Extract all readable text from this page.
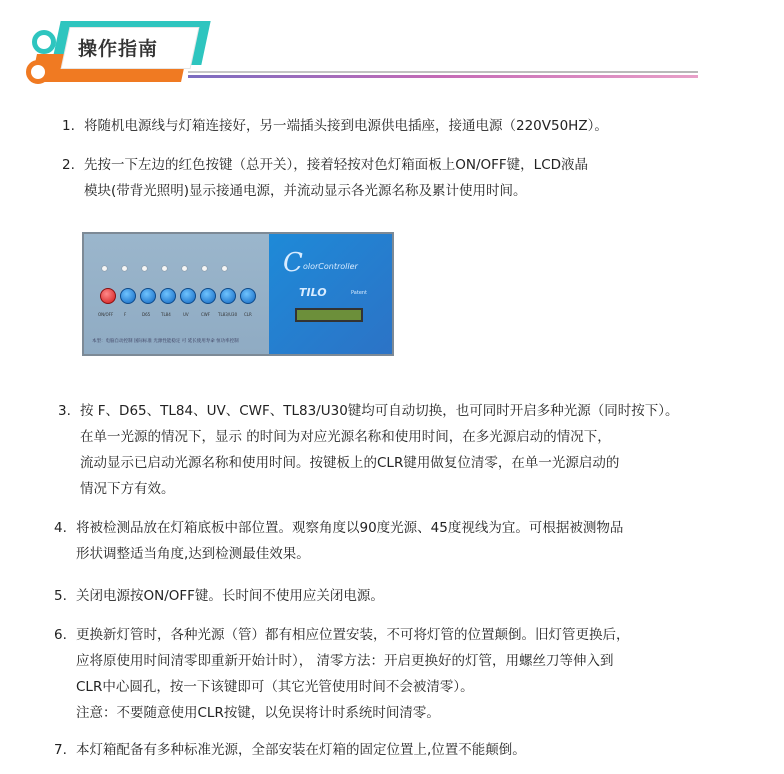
操作指南
1. 将随机电源线与灯箱连接好，另一端插头接到电源供电插座，接通电源（220V50HZ）。
2. 先按一下左边的红色按键（总开关），接着轻按对色灯箱面板上ON/OFF键，LCD液晶
模块(带背光照明)显示接通电源，并流动显示各光源名称及累计使用时间。
ON/OFF	F	D65	TL84	UV	CWF TL83/U30 CLR
本型：电脑自动控制 国际标准 光源性能稳定 可 延长使用寿命 恒功率控制
C olorController
TILO	Patent
3. 按 F、D65、TL84、UV、CWF、TL83/U30键均可自动切换，也可同时开启多种光源（同时按下）。
在单一光源的情况下，显示 的时间为对应光源名称和使用时间，在多光源启动的情况下，
流动显示已启动光源名称和使用时间。按键板上的CLR键用做复位清零，在单一光源启动的
情况下方有效。
4. 将被检测品放在灯箱底板中部位置。观察角度以90度光源、45度视线为宜。可根据被测物品
形状调整适当角度,达到检测最佳效果。
5. 关闭电源按ON/OFF键。长时间不使用应关闭电源。
6. 更换新灯管时，各种光源（管）都有相应位置安装，不可将灯管的位置颠倒。旧灯管更换后，
应将原使用时间清零即重新开始计时）， 清零方法：开启更换好的灯管，用螺丝刀等伸入到
CLR中心圆孔，按一下该键即可（其它光管使用时间不会被清零）。
注意：不要随意使用CLR按键，以免误将计时系统时间清零。
7. 本灯箱配备有多种标准光源，全部安装在灯箱的固定位置上,位置不能颠倒。
